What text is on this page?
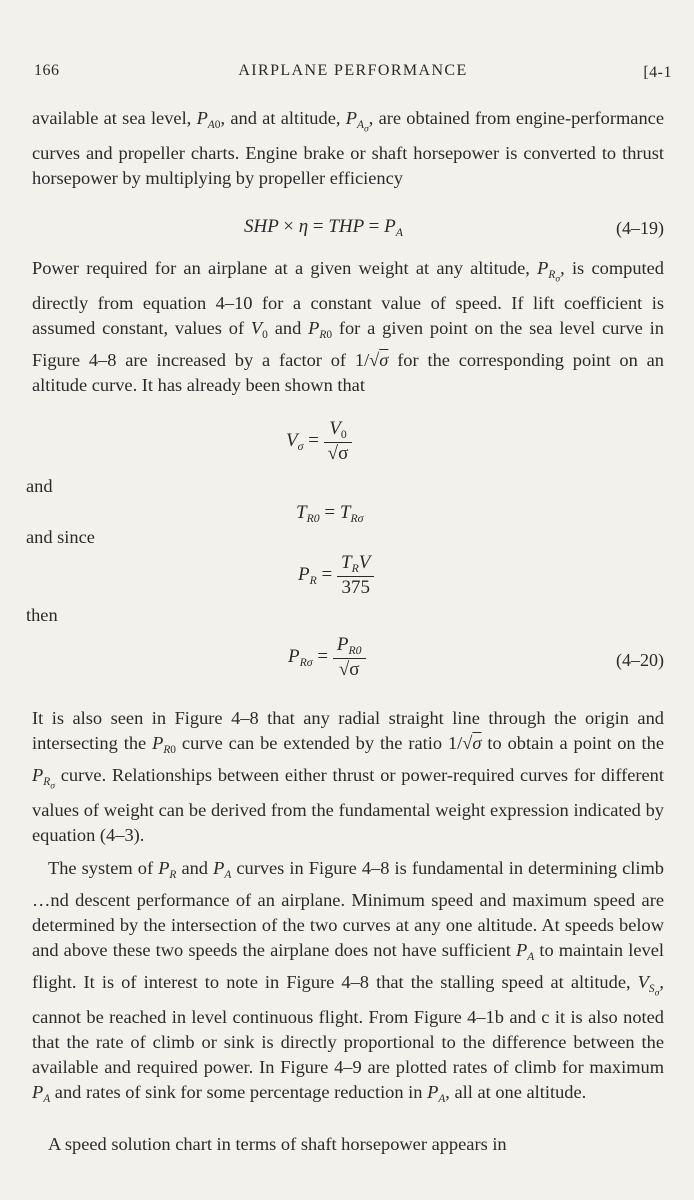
166	AIRPLANE PERFORMANCE	[4-1
available at sea level, $P_{A0}$, and at altitude, $P_{A_\sigma}$, are obtained from engine-performance curves and propeller charts. Engine brake or shaft horsepower is converted to thrust horsepower by multiplying by propeller efficiency
SHP × η = THP = $P_A$	(4–19)
Power required for an airplane at a given weight at any altitude, $P_{R_\sigma}$, is computed directly from equation 4–10 for a constant value of speed. If lift coefficient is assumed constant, values of $V_0$ and $P_{R0}$ for a given point on the sea level curve in Figure 4–8 are increased by a factor of 1/√σ for the corresponding point on an altitude curve. It has already been shown that
$V_\sigma = \frac{V_0}{√\sigma}$
and
$T_{R0} = T_{R\sigma}$
and since
$P_R = \frac{T_RV}{375}$
then
$P_{R\sigma} = \frac{P_{R0}}{√\sigma}$	(4–20)
It is also seen in Figure 4–8 that any radial straight line through the origin and intersecting the $P_{R0}$ curve can be extended by the ratio 1/√σ to obtain a point on the $P_{R_\sigma}$ curve. Relationships between either thrust or power-required curves for different values of weight can be derived from the fundamental weight expression indicated by equation (4–3).
The system of $P_R$ and $P_A$ curves in Figure 4–8 is fundamental in determining climb …nd descent performance of an airplane. Minimum speed and maximum speed are determined by the intersection of the two curves at any one altitude. At speeds below and above these two speeds the airplane does not have sufficient $P_A$ to maintain level flight. It is of interest to note in Figure 4–8 that the stalling speed at altitude, $V_{S_\sigma}$, cannot be reached in level continuous flight. From Figure 4–1b and c it is also noted that the rate of climb or sink is directly proportional to the difference between the available and required power. In Figure 4–9 are plotted rates of climb for maximum $P_A$ and rates of sink for some percentage reduction in $P_A$, all at one altitude.
A speed solution chart in terms of shaft horsepower appears in
